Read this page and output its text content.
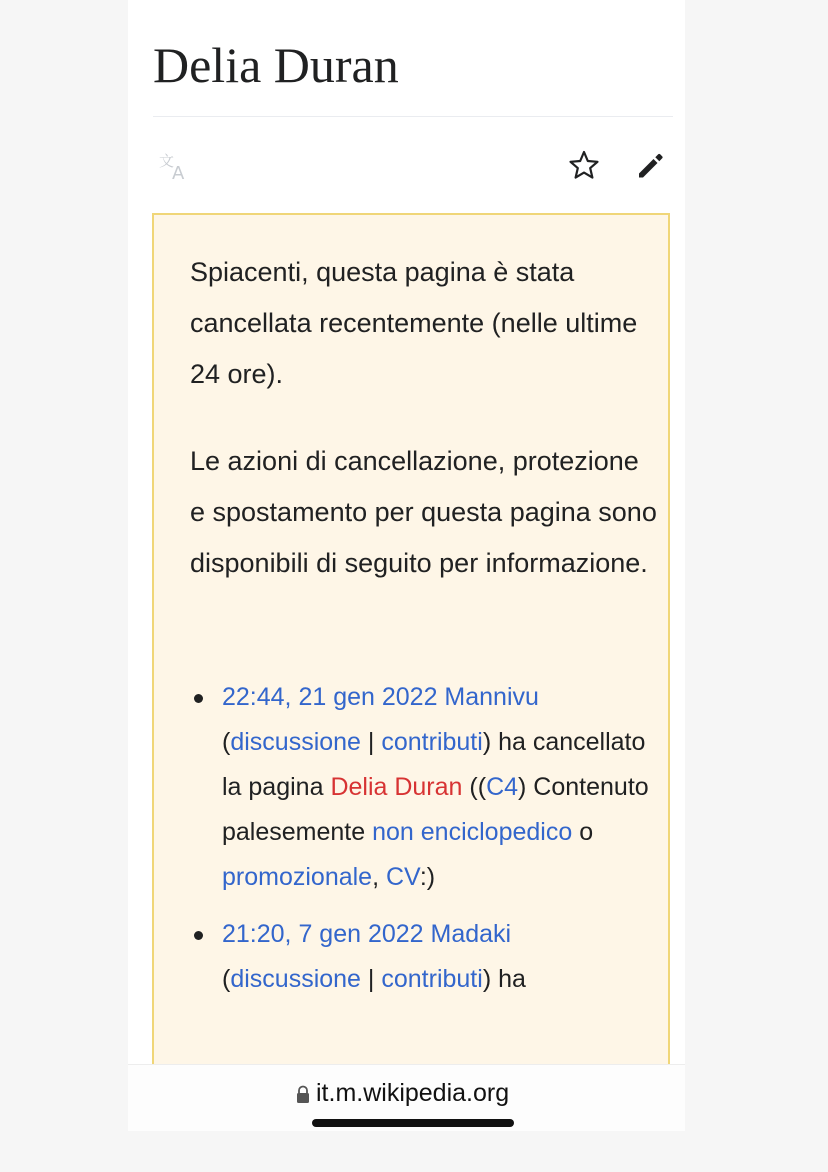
Delia Duran
文
A

Spiacenti, questa pagina è stata cancellata recentemente (nelle ultime 24 ore).

Le azioni di cancellazione, protezione e spostamento per questa pagina sono disponibili di seguito per informazione.

22:44, 21 gen 2022 Mannivu
(discussione | contributi) ha cancellato la pagina Delia Duran ((C4) Contenuto palesemente non enciclopedico o promozionale, CV:)
21:20, 7 gen 2022 Madaki
(discussione | contributi) ha
it.m.wikipedia.org
